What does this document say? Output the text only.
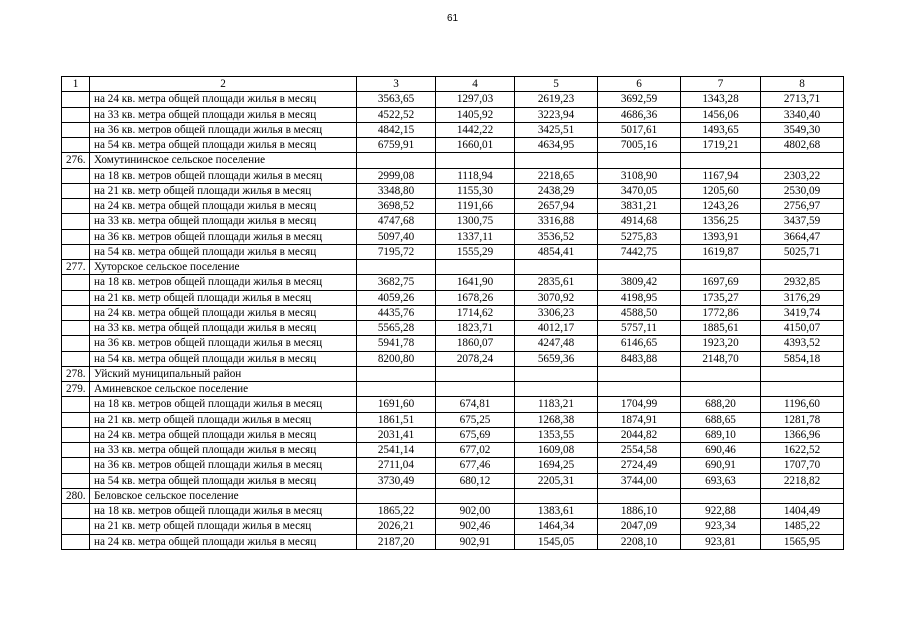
61
1	2	3	4	5	6	7	8
	на 24 кв. метра общей площади жилья в месяц	3563,65	1297,03	2619,23	3692,59	1343,28	2713,71
	на 33 кв. метра общей площади жилья в месяц	4522,52	1405,92	3223,94	4686,36	1456,06	3340,40
	на 36 кв. метров общей площади жилья в месяц	4842,15	1442,22	3425,51	5017,61	1493,65	3549,30
	на 54 кв. метра общей площади жилья в месяц	6759,91	1660,01	4634,95	7005,16	1719,21	4802,68
276.	Хомутининское сельское поселение						
	на 18 кв. метров общей площади жилья в месяц	2999,08	1118,94	2218,65	3108,90	1167,94	2303,22
	на 21 кв. метр общей площади жилья в месяц	3348,80	1155,30	2438,29	3470,05	1205,60	2530,09
	на 24 кв. метра общей площади жилья в месяц	3698,52	1191,66	2657,94	3831,21	1243,26	2756,97
	на 33 кв. метра общей площади жилья в месяц	4747,68	1300,75	3316,88	4914,68	1356,25	3437,59
	на 36 кв. метров общей площади жилья в месяц	5097,40	1337,11	3536,52	5275,83	1393,91	3664,47
	на 54 кв. метра общей площади жилья в месяц	7195,72	1555,29	4854,41	7442,75	1619,87	5025,71
277.	Хуторское сельское поселение						
	на 18 кв. метров общей площади жилья в месяц	3682,75	1641,90	2835,61	3809,42	1697,69	2932,85
	на 21 кв. метр общей площади жилья в месяц	4059,26	1678,26	3070,92	4198,95	1735,27	3176,29
	на 24 кв. метра общей площади жилья в месяц	4435,76	1714,62	3306,23	4588,50	1772,86	3419,74
	на 33 кв. метра общей площади жилья в месяц	5565,28	1823,71	4012,17	5757,11	1885,61	4150,07
	на 36 кв. метров общей площади жилья в месяц	5941,78	1860,07	4247,48	6146,65	1923,20	4393,52
	на 54 кв. метра общей площади жилья в месяц	8200,80	2078,24	5659,36	8483,88	2148,70	5854,18
278.	Уйский муниципальный район						
279.	Аминевское сельское поселение						
	на 18 кв. метров общей площади жилья в месяц	1691,60	674,81	1183,21	1704,99	688,20	1196,60
	на 21 кв. метр общей площади жилья в месяц	1861,51	675,25	1268,38	1874,91	688,65	1281,78
	на 24 кв. метра общей площади жилья в месяц	2031,41	675,69	1353,55	2044,82	689,10	1366,96
	на 33 кв. метра общей площади жилья в месяц	2541,14	677,02	1609,08	2554,58	690,46	1622,52
	на 36 кв. метров общей площади жилья в месяц	2711,04	677,46	1694,25	2724,49	690,91	1707,70
	на 54 кв. метра общей площади жилья в месяц	3730,49	680,12	2205,31	3744,00	693,63	2218,82
280.	Беловское сельское поселение						
	на 18 кв. метров общей площади жилья в месяц	1865,22	902,00	1383,61	1886,10	922,88	1404,49
	на 21 кв. метр общей площади жилья в месяц	2026,21	902,46	1464,34	2047,09	923,34	1485,22
	на 24 кв. метра общей площади жилья в месяц	2187,20	902,91	1545,05	2208,10	923,81	1565,95
